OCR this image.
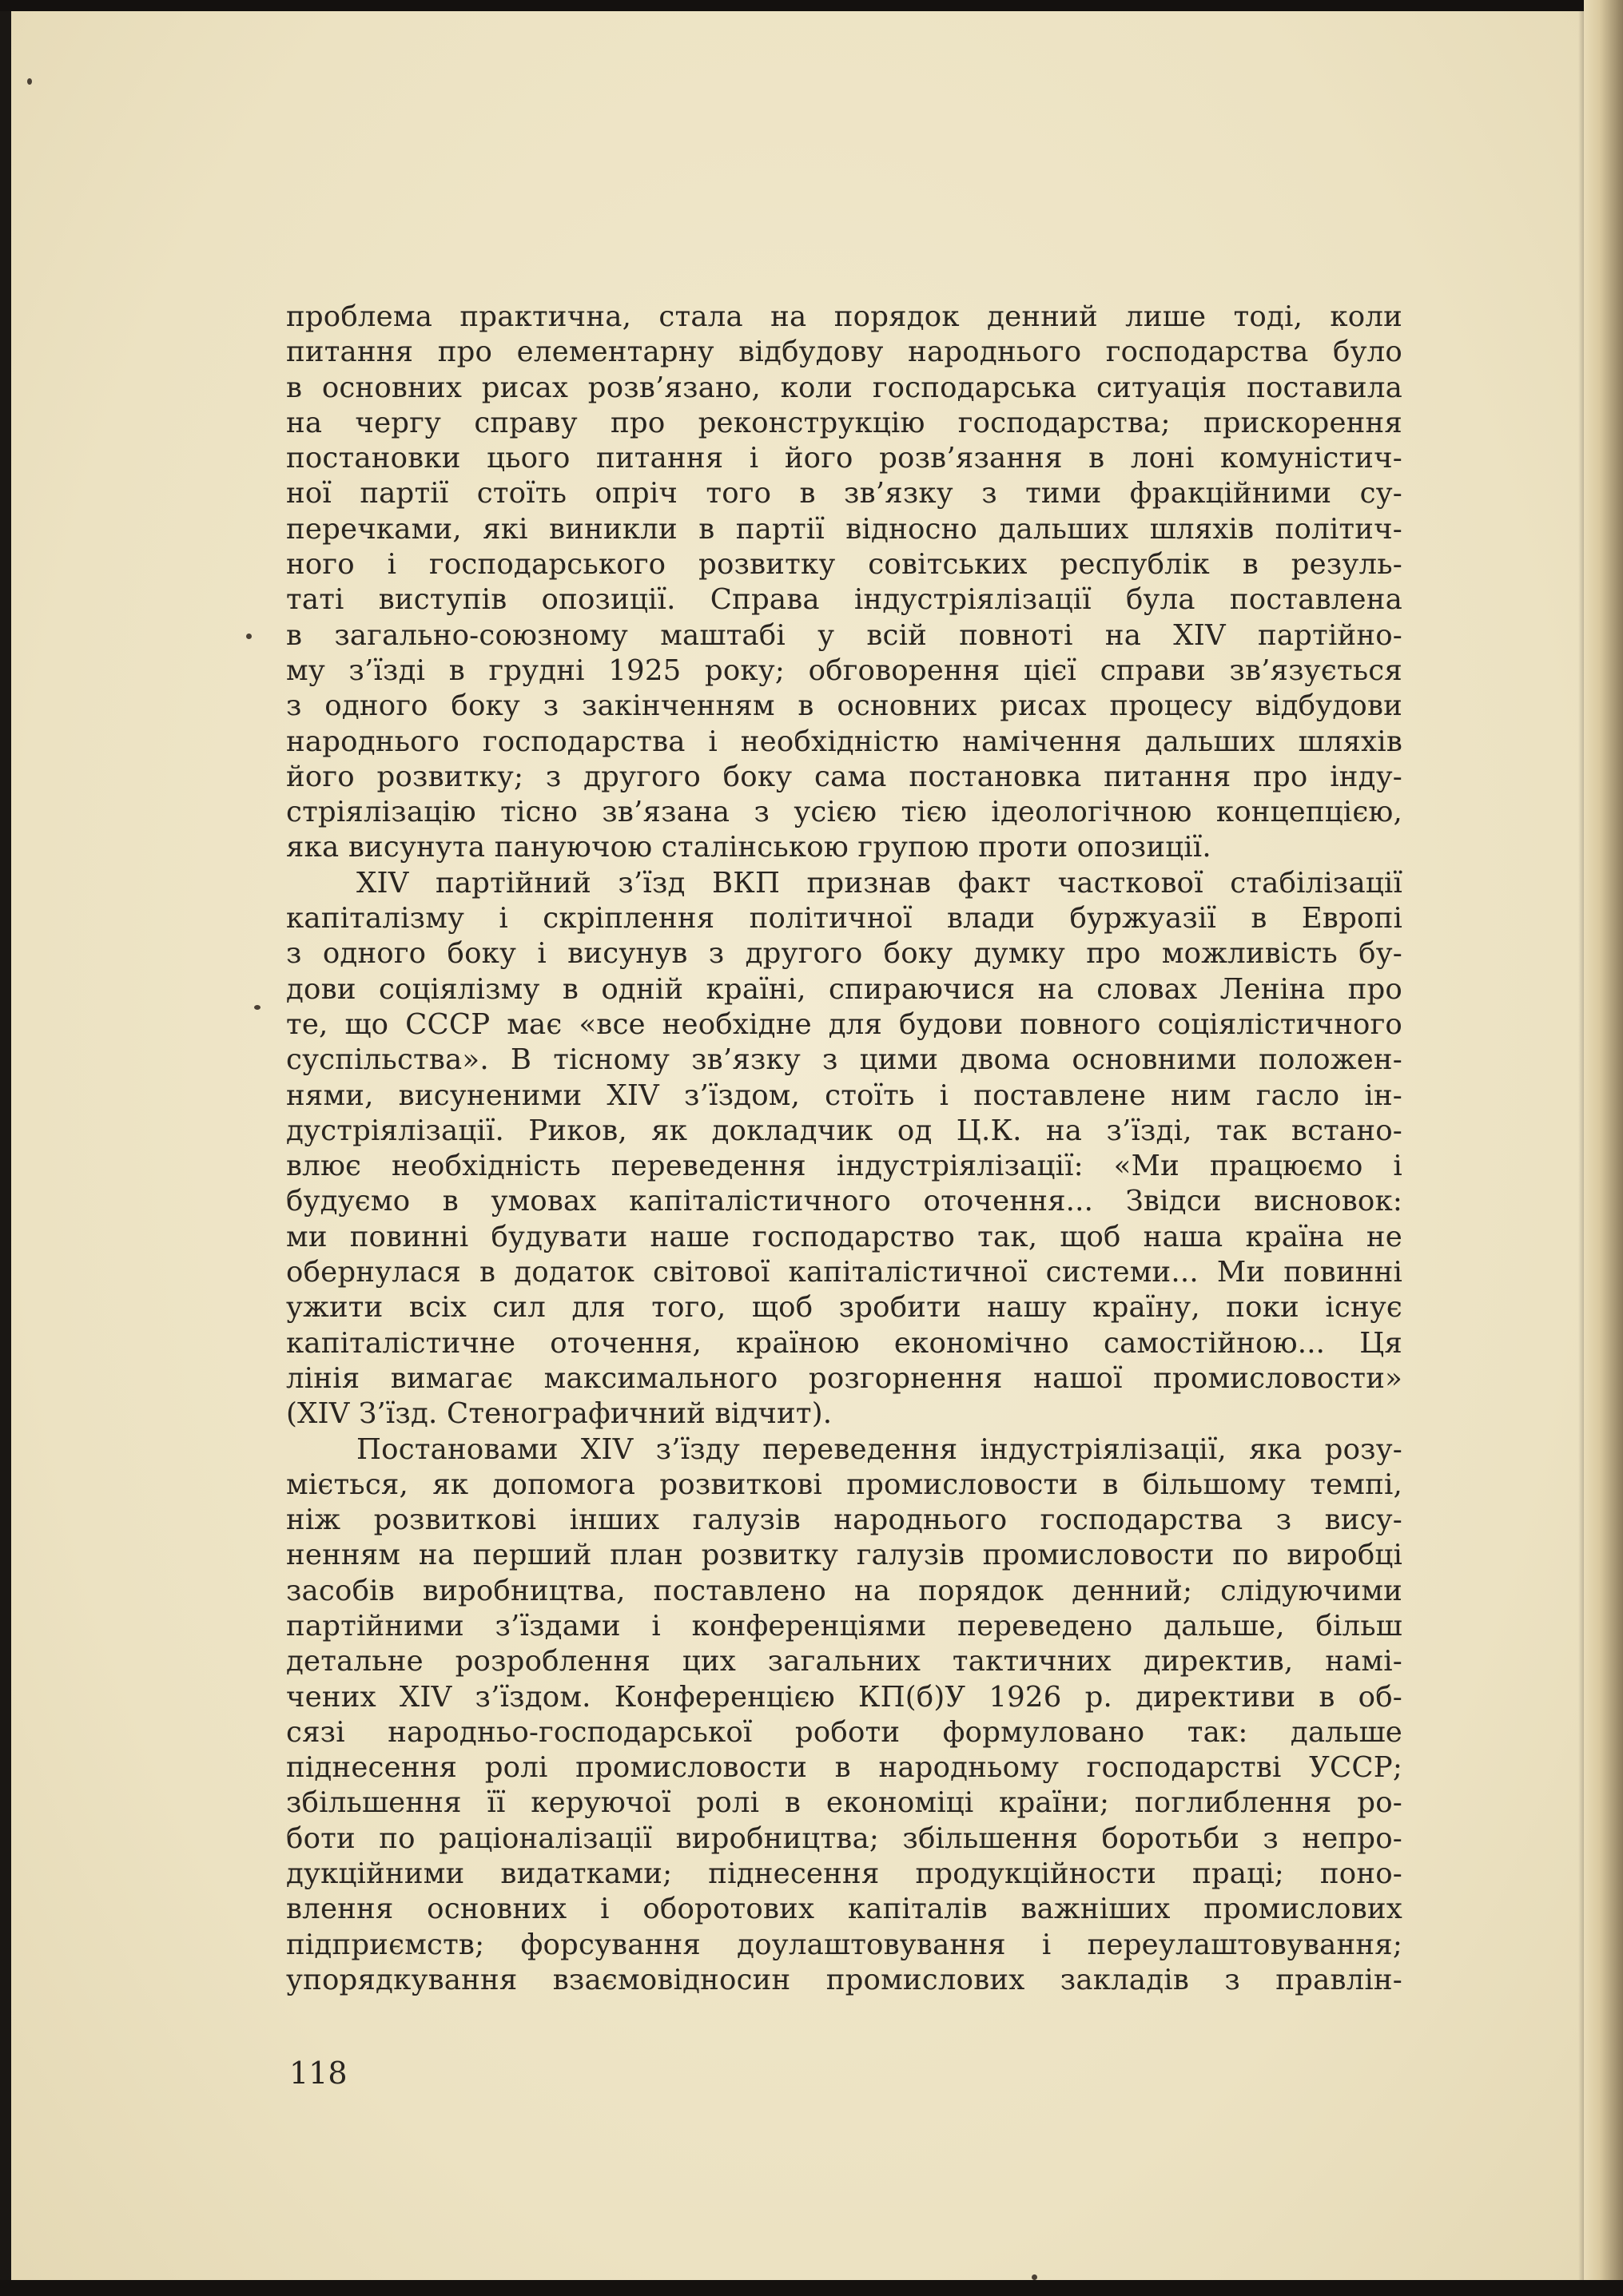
проблема практична, стала на порядок денний лише тоді, коли
питання про елементарну відбудову народнього господарства було
в основних рисах розв’язано, коли господарська ситуація поставила
на чергу справу про реконструкцію господарства; прискорення
постановки цього питання і його розв’язання в лоні комуністич-
ної партії стоїть опріч того в зв’язку з тими фракційними су-
перечками, які виникли в партії відносно дальших шляхів політич-
ного і господарського розвитку совітських республік в резуль-
таті виступів опозиції. Справа індустріялізації була поставлена
в загально-союзному маштабі у всій повноті на XIV партійно-
му з’їзді в грудні 1925 року; обговорення цієї справи зв’язується
з одного боку з закінченням в основних рисах процесу відбудови
народнього господарства і необхідністю намічення дальших шляхів
його розвитку; з другого боку сама постановка питання про інду-
стріялізацію тісно зв’язана з усією тією ідеологічною концепцією,
яка висунута пануючою сталінською групою проти опозиції.
XIV партійний з’їзд ВКП признав факт часткової стабілізації
капіталізму і скріплення політичної влади буржуазії в Европі
з одного боку і висунув з другого боку думку про можливість бу-
дови соціялізму в одній країні, спираючися на словах Леніна про
те, що СССР має «все необхідне для будови повного соціялістичного
суспільства». В тісному зв’язку з цими двома основними положен-
нями, висуненими XIV з’їздом, стоїть і поставлене ним гасло ін-
дустріялізації. Риков, як докладчик од Ц.К. на з’їзді, так встано-
влює необхідність переведення індустріялізації: «Ми працюємо і
будуємо в умовах капіталістичного оточення... Звідси висновок:
ми повинні будувати наше господарство так, щоб наша країна не
обернулася в додаток світової капіталістичної системи... Ми повинні
ужити всіх сил для того, щоб зробити нашу країну, поки існує
капіталістичне оточення, країною економічно самостійною... Ця
лінія вимагає максимального розгорнення нашої промисловости»
(XIV З’їзд. Стенографичний відчит).
Постановами XIV з’їзду переведення індустріялізації, яка розу-
міється, як допомога розвиткові промисловости в більшому темпі,
ніж розвиткові інших галузів народнього господарства з вису-
ненням на перший план розвитку галузів промисловости по виробці
засобів виробництва, поставлено на порядок денний; слідуючими
партійними з’їздами і конференціями переведено дальше, більш
детальне розроблення цих загальних тактичних директив, намі-
чених XIV з’їздом. Конференцією КП(б)У 1926 р. директиви в об-
сязі народньо-господарської роботи формуловано так: дальше
піднесення ролі промисловости в народньому господарстві УССР;
збільшення її керуючої ролі в економіці країни; поглиблення ро-
боти по раціоналізації виробництва; збільшення боротьби з непро-
дукційними видатками; піднесення продукційности праці; поно-
влення основних і оборотових капіталів важніших промислових
підприємств; форсування доулаштовування і переулаштовування;
упорядкування взаємовідносин промислових закладів з правлін-
118
